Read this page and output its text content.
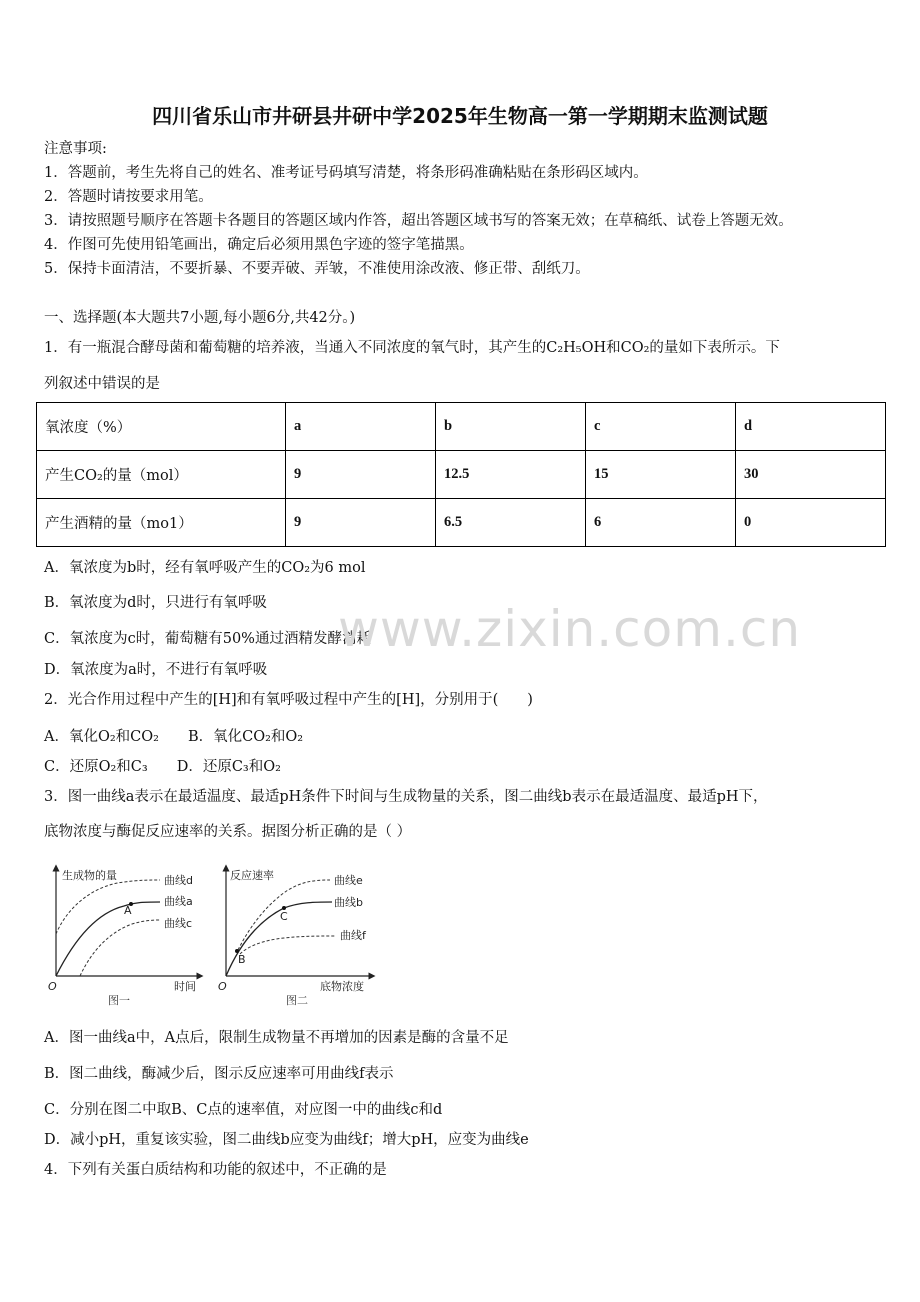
四川省乐山市井研县井研中学2025年生物高一第一学期期末监测试题
注意事项:
1．答题前，考生先将自己的姓名、准考证号码填写清楚，将条形码准确粘贴在条形码区域内。
2．答题时请按要求用笔。
3．请按照题号顺序在答题卡各题目的答题区域内作答，超出答题区域书写的答案无效；在草稿纸、试卷上答题无效。
4．作图可先使用铅笔画出，确定后必须用黑色字迹的签字笔描黑。
5．保持卡面清洁，不要折暴、不要弄破、弄皱，不准使用涂改液、修正带、刮纸刀。
一、选择题(本大题共7小题,每小题6分,共42分。)
1．有一瓶混合酵母菌和葡萄糖的培养液，当通入不同浓度的氧气时，其产生的C₂H₅OH和CO₂的量如下表所示。下
列叙述中错误的是
氧浓度（%）	a	b	c	d
产生CO₂的量（mol）	9	12.5	15	30
产生酒精的量（mo1）	9	6.5	6	0
A．氧浓度为b时，经有氧呼吸产生的CO₂为6 mol
B．氧浓度为d时，只进行有氧呼吸
C．氧浓度为c时，葡萄糖有50%通过酒精发酵消耗
D．氧浓度为a时，不进行有氧呼吸
www.zixin.com.cn
2．光合作用过程中产生的[H]和有氧呼吸过程中产生的[H]，分别用于(　　)
A．氧化O₂和CO₂　　B．氧化CO₂和O₂
C．还原O₂和C₃　　D．还原C₃和O₂
3．图一曲线a表示在最适温度、最适pH条件下时间与生成物量的关系，图二曲线b表示在最适温度、最适pH下，
底物浓度与酶促反应速率的关系。据图分析正确的是（ ）
生成物的量	曲线d
曲线a
曲线c
A
O	时间
图一
反应速率	曲线e
曲线b
曲线f
C
B
O	底物浓度
图二
A．图一曲线a中，A点后，限制生成物量不再增加的因素是酶的含量不足
B．图二曲线，酶减少后，图示反应速率可用曲线f表示
C．分别在图二中取B、C点的速率值，对应图一中的曲线c和d
D．减小pH，重复该实验，图二曲线b应变为曲线f；增大pH，应变为曲线e
4．下列有关蛋白质结构和功能的叙述中，不正确的是
